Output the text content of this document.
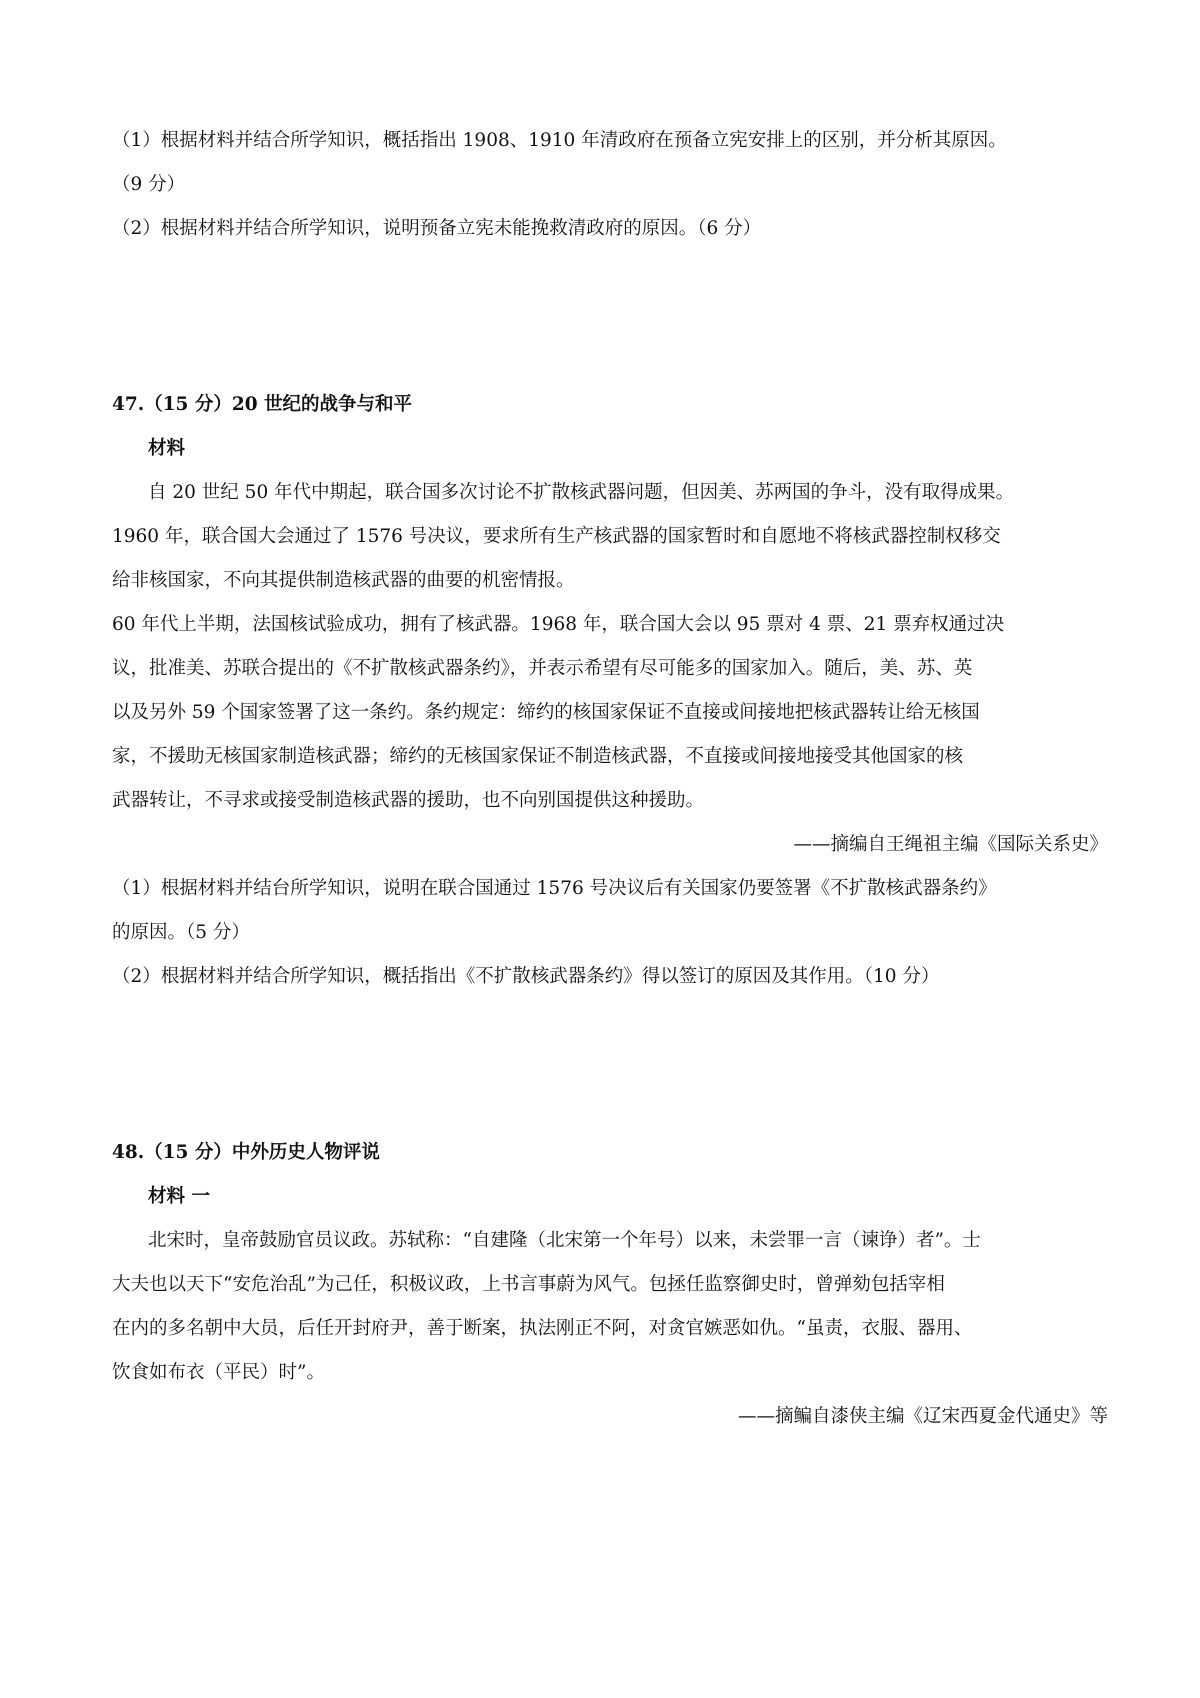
（1）根据材料并结合所学知识，概括指出 1908、1910 年清政府在预备立宪安排上的区别，并分析其原因。
（9 分）
（2）根据材料并结合所学知识，说明预备立宪未能挽救清政府的原因。（6 分）
47.（15 分）20 世纪的战争与和平
材料
自 20 世纪 50 年代中期起，联合国多次讨论不扩散核武器问题，但因美、苏两国的争斗，没有取得成果。
1960 年，联合国大会通过了 1576 号决议，要求所有生产核武器的国家暂时和自愿地不将核武器控制权移交
给非核国家，不向其提供制造核武器的曲要的机密情报。
60 年代上半期，法国核试验成功，拥有了核武器。1968 年，联合国大会以 95 票对 4 票、21 票弃权通过决
议，批准美、苏联合提出的《不扩散核武器条约》，并表示希望有尽可能多的国家加入。随后，美、苏、英
以及另外 59 个国家签署了这一条约。条约规定：缔约的核国家保证不直接或间接地把核武器转让给无核国
家，不援助无核国家制造核武器；缔约的无核国家保证不制造核武器，不直接或间接地接受其他国家的核
武器转让，不寻求或接受制造核武器的援助，也不向别国提供这种援助。
——摘编自王绳祖主编《国际关系史》
（1）根据材料并结台所学知识，说明在联合国通过 1576 号决议后有关国家仍要签署《不扩散核武器条约》
的原因。（5 分）
（2）根据材料并结合所学知识，概括指出《不扩散核武器条约》得以签订的原因及其作用。（10 分）
48.（15 分）中外历史人物评说
材料 一
北宋时，皇帝鼓励官员议政。苏轼称：“自建隆（北宋第一个年号）以来，未尝罪一言（谏诤）者”。士
大夫也以天下“安危治乱”为己任，积极议政，上书言事蔚为风气。包拯任监察御史时，曾弹劾包括宰相
在内的多名朝中大员，后任开封府尹，善于断案，执法刚正不阿，对贪官嫉恶如仇。“虽责，衣服、器用、
饮食如布衣（平民）时”。
——摘鳊自漆侠主编《辽宋西夏金代通史》等
